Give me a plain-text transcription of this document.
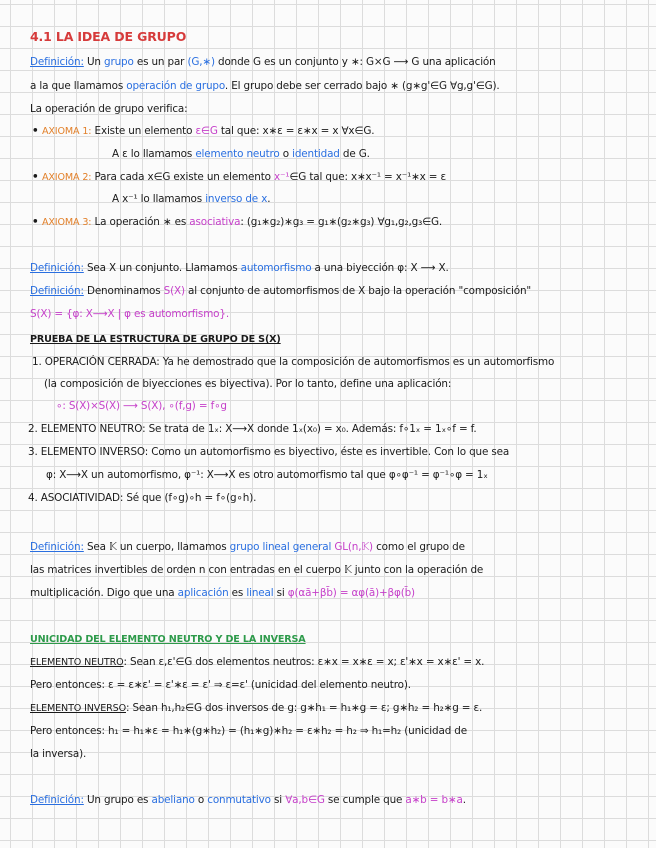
4.1 LA IDEA DE GRUPO
Definición: Un grupo es un par (G,∗) donde G es un conjunto y ∗: G×G ⟶ G una aplicación
a la que llamamos operación de grupo. El grupo debe ser cerrado bajo ∗ (g∗g'∈G ∀g,g'∈G).
La operación de grupo verifica:
• AXIOMA 1: Existe un elemento ε∈G tal que: x∗ε = ε∗x = x ∀x∈G.
A ε lo llamamos elemento neutro o identidad de G.
• AXIOMA 2: Para cada x∈G existe un elemento x⁻¹∈G tal que: x∗x⁻¹ = x⁻¹∗x = ε
A x⁻¹ lo llamamos inverso de x.
• AXIOMA 3: La operación ∗ es asociativa: (g₁∗g₂)∗g₃ = g₁∗(g₂∗g₃) ∀g₁,g₂,g₃∈G.
Definición: Sea X un conjunto. Llamamos automorfismo a una biyección φ: X ⟶ X.
Definición: Denominamos S(X) al conjunto de automorfismos de X bajo la operación "composición"
S(X) = {φ: X⟶X | φ es automorfismo}.
PRUEBA DE LA ESTRUCTURA DE GRUPO DE S(X)
1. OPERACIÓN CERRADA: Ya he demostrado que la composición de automorfismos es un automorfismo
(la composición de biyecciones es biyectiva). Por lo tanto, define una aplicación:
∘: S(X)×S(X) ⟶ S(X), ∘(f,g) = f∘g
2. ELEMENTO NEUTRO: Se trata de 1ₓ: X⟶X donde 1ₓ(x₀) = x₀. Además: f∘1ₓ = 1ₓ∘f = f.
3. ELEMENTO INVERSO: Como un automorfismo es biyectivo, éste es invertible. Con lo que sea
φ: X⟶X un automorfismo, φ⁻¹: X⟶X es otro automorfismo tal que φ∘φ⁻¹ = φ⁻¹∘φ = 1ₓ
4. ASOCIATIVIDAD: Sé que (f∘g)∘h = f∘(g∘h).
Definición: Sea 𝕂 un cuerpo, llamamos grupo lineal general GL(n,𝕂) como el grupo de
las matrices invertibles de orden n con entradas en el cuerpo 𝕂 junto con la operación de
multiplicación. Digo que una aplicación es lineal si φ(αā+βb̄) = αφ(ā)+βφ(b̄)
UNICIDAD DEL ELEMENTO NEUTRO Y DE LA INVERSA
ELEMENTO NEUTRO: Sean ε,ε'∈G dos elementos neutros: ε∗x = x∗ε = x; ε'∗x = x∗ε' = x.
Pero entonces: ε = ε∗ε' = ε'∗ε = ε' ⇒ ε=ε' (unicidad del elemento neutro).
ELEMENTO INVERSO: Sean h₁,h₂∈G dos inversos de g: g∗h₁ = h₁∗g = ε; g∗h₂ = h₂∗g = ε.
Pero entonces: h₁ = h₁∗ε = h₁∗(g∗h₂) = (h₁∗g)∗h₂ = ε∗h₂ = h₂ ⇒ h₁=h₂ (unicidad de
la inversa).
Definición: Un grupo es abeliano o conmutativo si ∀a,b∈G se cumple que a∗b = b∗a.
